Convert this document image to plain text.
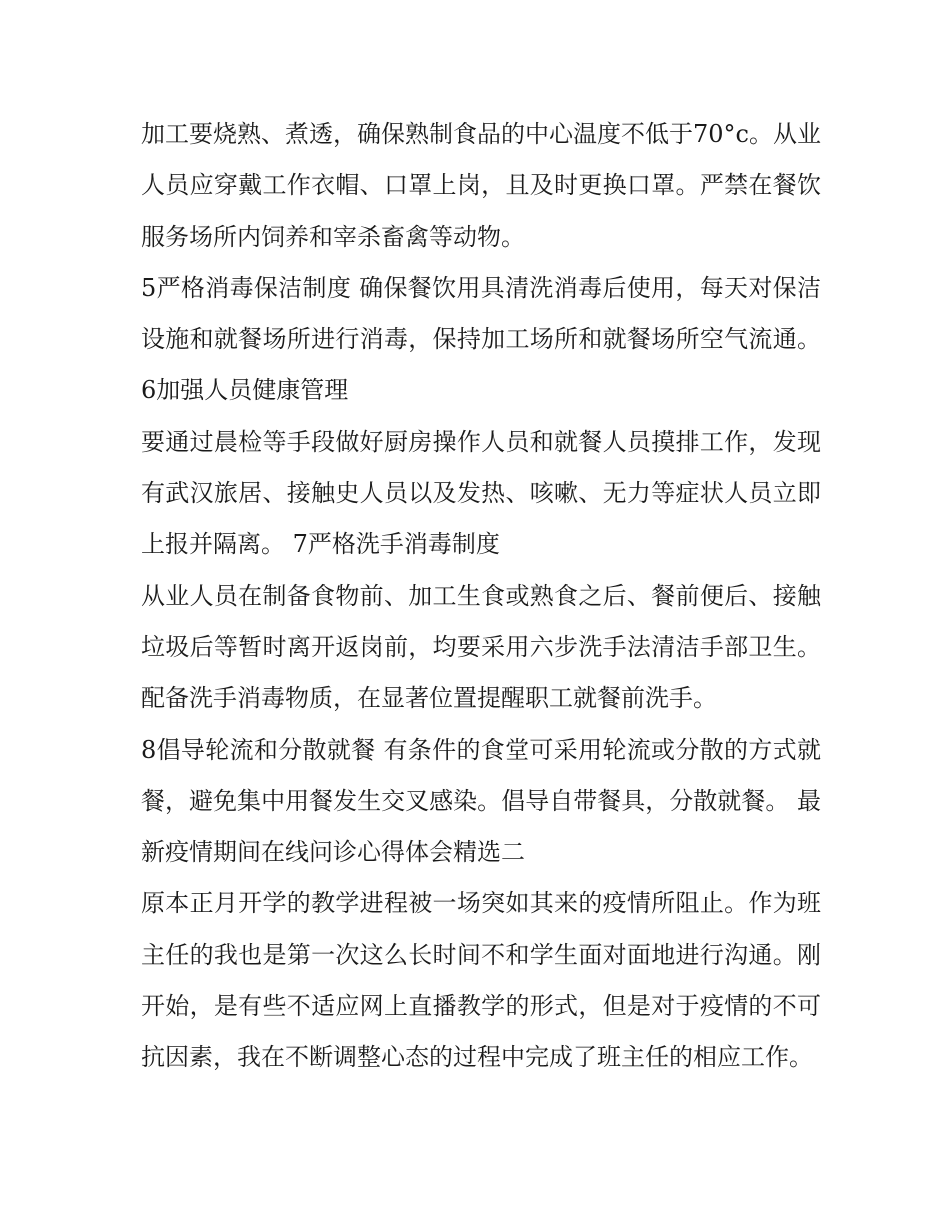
加工要烧熟、煮透，确保熟制食品的中心温度不低于70°c。从业人员应穿戴工作衣帽、口罩上岗，且及时更换口罩。严禁在餐饮服务场所内饲养和宰杀畜禽等动物。

5严格消毒保洁制度 确保餐饮用具清洗消毒后使用，每天对保洁设施和就餐场所进行消毒，保持加工场所和就餐场所空气流通。 6加强人员健康管理

要通过晨检等手段做好厨房操作人员和就餐人员摸排工作，发现有武汉旅居、接触史人员以及发热、咳嗽、无力等症状人员立即上报并隔离。 7严格洗手消毒制度

从业人员在制备食物前、加工生食或熟食之后、餐前便后、接触垃圾后等暂时离开返岗前，均要采用六步洗手法清洁手部卫生。配备洗手消毒物质，在显著位置提醒职工就餐前洗手。

8倡导轮流和分散就餐 有条件的食堂可采用轮流或分散的方式就餐，避免集中用餐发生交叉感染。倡导自带餐具，分散就餐。 最新疫情期间在线问诊心得体会精选二

原本正月开学的教学进程被一场突如其来的疫情所阻止。作为班主任的我也是第一次这么长时间不和学生面对面地进行沟通。刚开始，是有些不适应网上直播教学的形式，但是对于疫情的不可抗因素，我在不断调整心态的过程中完成了班主任的相应工作。
